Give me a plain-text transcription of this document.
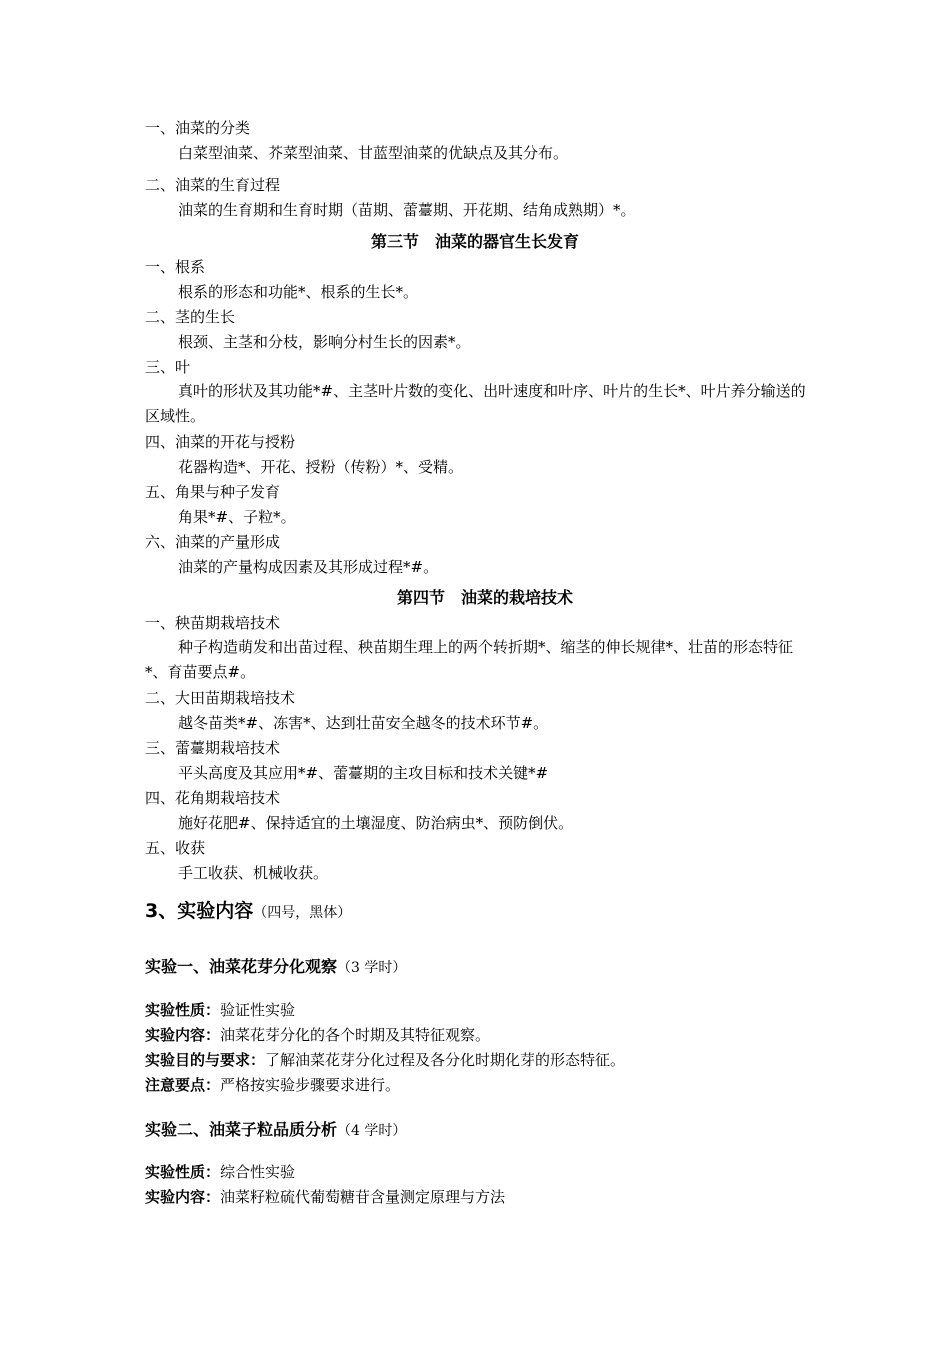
一、油菜的分类
白菜型油菜、芥菜型油菜、甘蓝型油菜的优缺点及其分布。
二、油菜的生育过程
油菜的生育期和生育时期（苗期、蕾薹期、开花期、结角成熟期）*。
第三节　油菜的器官生长发育
一、根系
根系的形态和功能*、根系的生长*。
二、茎的生长
根颈、主茎和分枝，影响分村生长的因素*。
三、叶
真叶的形状及其功能*#、主茎叶片数的变化、出叶速度和叶序、叶片的生长*、叶片养分输送的区域性。
四、油菜的开花与授粉
花器构造*、开花、授粉（传粉）*、受精。
五、角果与种子发育
角果*#、子粒*。
六、油菜的产量形成
油菜的产量构成因素及其形成过程*#。
第四节　油菜的栽培技术
一、秧苗期栽培技术
种子构造萌发和出苗过程、秧苗期生理上的两个转折期*、缩茎的伸长规律*、壮苗的形态特征*、育苗要点#。
二、大田苗期栽培技术
越冬苗类*#、冻害*、达到壮苗安全越冬的技术环节#。
三、蕾薹期栽培技术
平头高度及其应用*#、蕾薹期的主攻目标和技术关键*#
四、花角期栽培技术
施好花肥#、保持适宜的土壤湿度、防治病虫*、预防倒伏。
五、收获
手工收获、机械收获。
3、实验内容（四号，黑体）
实验一、油菜花芽分化观察（3 学时）
实验性质：验证性实验
实验内容：油菜花芽分化的各个时期及其特征观察。
实验目的与要求：了解油菜花芽分化过程及各分化时期化芽的形态特征。
注意要点：严格按实验步骤要求进行。
实验二、油菜子粒品质分析（4 学时）
实验性质：综合性实验
实验内容：油菜籽粒硫代葡萄糖苷含量测定原理与方法
